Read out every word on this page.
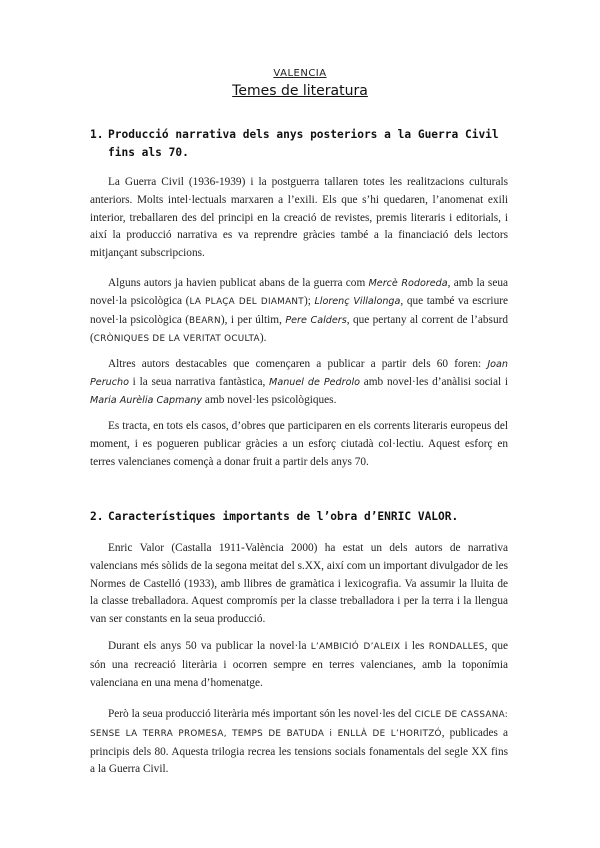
VALENCIA
Temes de literatura
1. Producció narrativa dels anys posteriors a la Guerra Civil fins als 70.
La Guerra Civil (1936-1939) i la postguerra tallaren totes les realitzacions culturals anteriors. Molts intel·lectuals marxaren a l’exili. Els que s’hi quedaren, l’anomenat exili interior, treballaren des del principi en la creació de revistes, premis literaris i editorials, i així la producció narrativa es va reprendre gràcies també a la financiació dels lectors mitjançant subscripcions.
Alguns autors ja havien publicat abans de la guerra com Mercè Rodoreda, amb la seua novel·la psicològica (LA PLAÇA DEL DIAMANT); Llorenç Villalonga, que també va escriure novel·la psicològica (BEARN), i per últim, Pere Calders, que pertany al corrent de l’absurd (CRÒNIQUES DE LA VERITAT OCULTA).
Altres autors destacables que començaren a publicar a partir dels 60 foren: Joan Perucho i la seua narrativa fantàstica, Manuel de Pedrolo amb novel·les d’anàlisi social i Maria Aurèlia Capmany amb novel·les psicològiques.
Es tracta, en tots els casos, d’obres que participaren en els corrents literaris europeus del moment, i es pogueren publicar gràcies a un esforç ciutadà col·lectiu. Aquest esforç en terres valencianes començà a donar fruit a partir dels anys 70.
2. Característiques importants de l’obra d’ENRIC VALOR.
Enric Valor (Castalla 1911-València 2000) ha estat un dels autors de narrativa valencians més sòlids de la segona meitat del s.XX, així com un important divulgador de les Normes de Castelló (1933), amb llibres de gramàtica i lexicografia. Va assumir la lluita de la classe treballadora. Aquest compromís per la classe treballadora i per la terra i la llengua van ser constants en la seua producció.
Durant els anys 50 va publicar la novel·la L’AMBICIÓ D’ALEIX i les RONDALLES, que són una recreació literària i ocorren sempre en terres valencianes, amb la toponímia valenciana en una mena d’homenatge.
Però la seua producció literària més important són les novel·les del CICLE DE CASSANA: SENSE LA TERRA PROMESA, TEMPS DE BATUDA i ENLLÀ DE L’HORITZÓ, publicades a principis dels 80. Aquesta trilogia recrea les tensions socials fonamentals del segle XX fins a la Guerra Civil.
